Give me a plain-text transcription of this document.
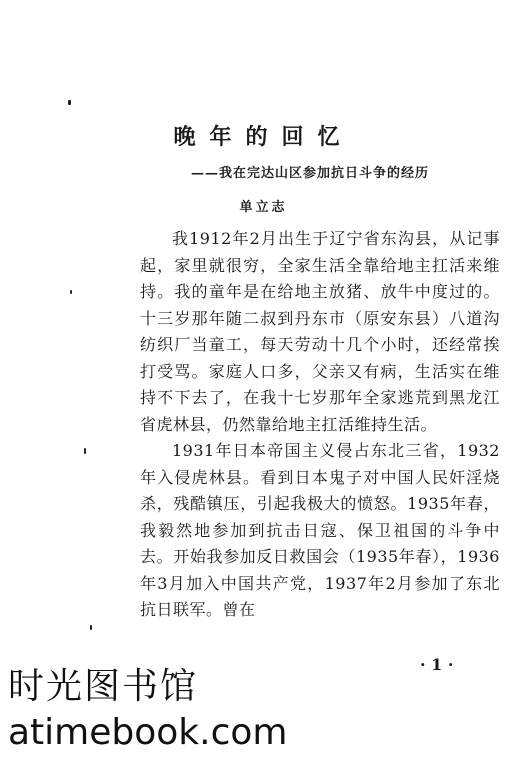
晚年的回忆
——我在完达山区参加抗日斗争的经历
单立志

我1912年2月出生于辽宁省东沟县，从记事起，家里就很穷，全家生活全靠给地主扛活来维持。我的童年是在给地主放猪、放牛中度过的。十三岁那年随二叔到丹东市（原安东县）八道沟纺织厂当童工，每天劳动十几个小时，还经常挨打受骂。家庭人口多，父亲又有病，生活实在维持不下去了，在我十七岁那年全家逃荒到黑龙江省虎林县，仍然靠给地主扛活维持生活。

1931年日本帝国主义侵占东北三省，1932年入侵虎林县。看到日本鬼子对中国人民奸淫烧杀，残酷镇压，引起我极大的愤怒。1935年春，我毅然地参加到抗击日寇、保卫祖国的斗争中去。开始我参加反日救国会（1935年春），1936年3月加入中国共产党，1937年2月参加了东北抗日联军。曾在

· 1 ·
时光图书馆
atimebook.com
